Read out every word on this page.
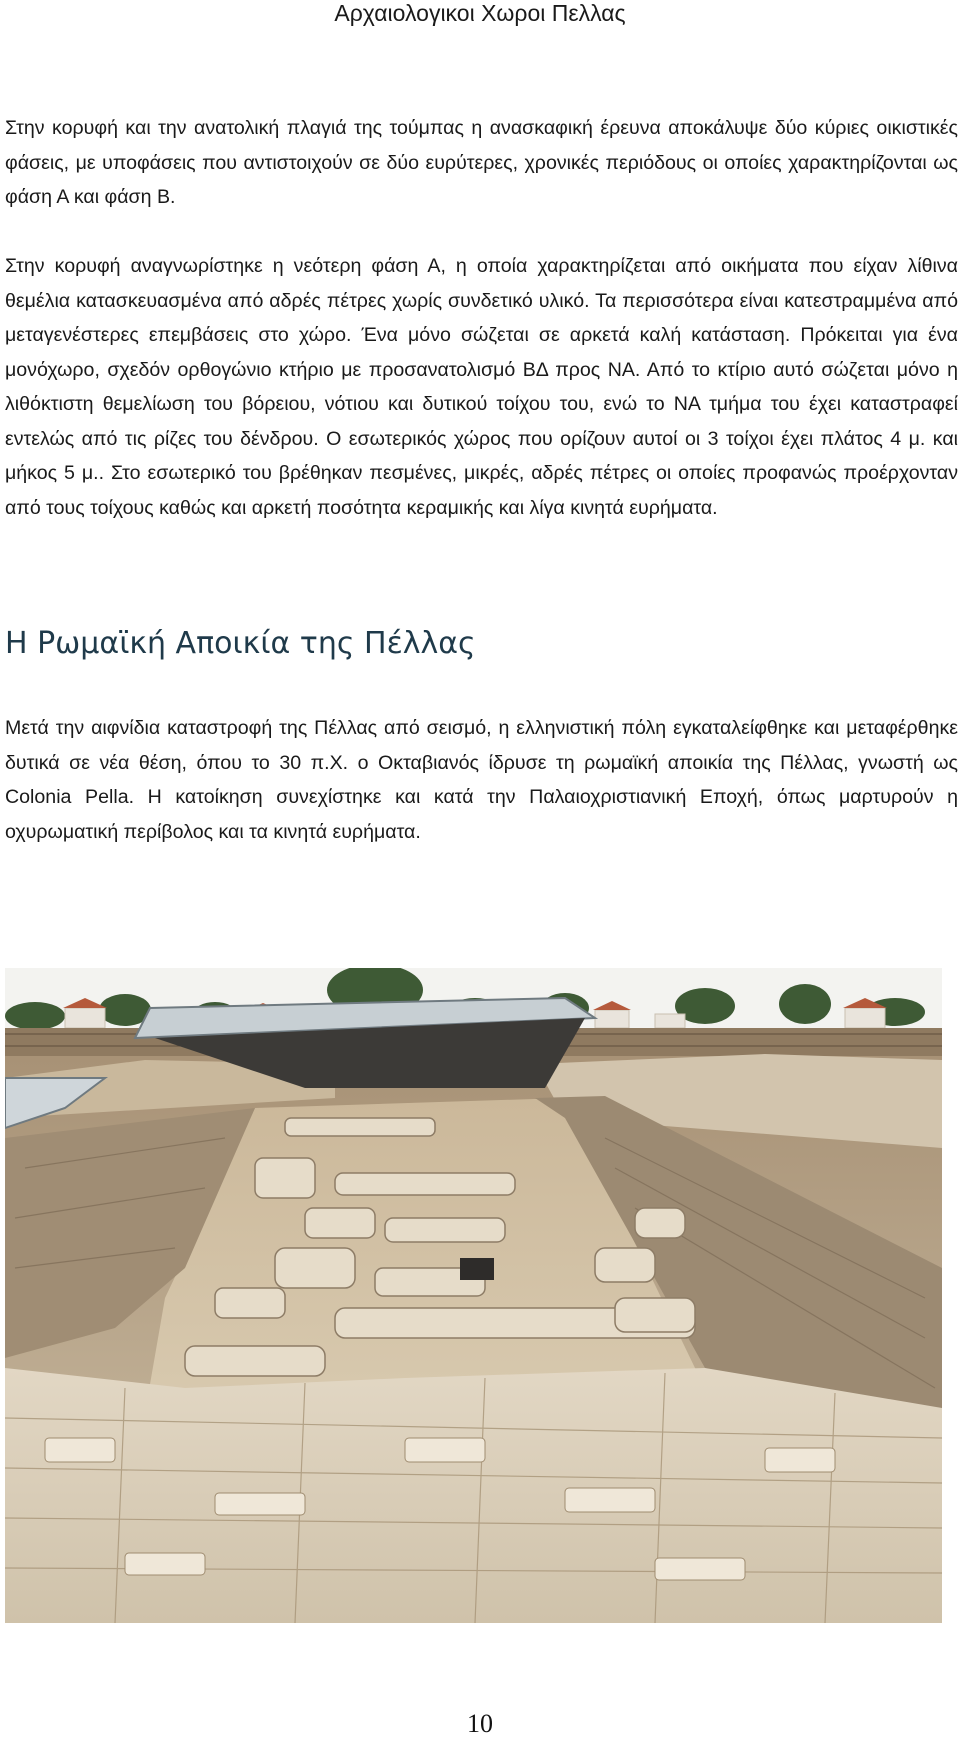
Αρχαιολογικοι Χωροι Πελλας

Στην κορυφή και την ανατολική πλαγιά της τούμπας η ανασκαφική έρευνα αποκάλυψε δύο κύριες οικιστικές φάσεις, με υποφάσεις που αντιστοιχούν σε δύο ευρύτερες, χρονικές περιόδους οι οποίες χαρακτηρίζονται ως φάση Α και φάση Β.

Στην κορυφή αναγνωρίστηκε η νεότερη φάση Α, η οποία χαρακτηρίζεται από οικήματα που είχαν λίθινα θεμέλια κατασκευασμένα από αδρές πέτρες χωρίς συνδετικό υλικό. Τα περισσότερα είναι κατεστραμμένα από μεταγενέστερες επεμβάσεις στο χώρο. Ένα μόνο σώζεται σε αρκετά καλή κατάσταση. Πρόκειται για ένα μονόχωρο, σχεδόν ορθογώνιο κτήριο με προσανατολισμό ΒΔ προς ΝΑ. Από το κτίριο αυτό σώζεται μόνο η λιθόκτιστη θεμελίωση του βόρειου, νότιου και δυτικού τοίχου του, ενώ το ΝΑ τμήμα του έχει καταστραφεί εντελώς από τις ρίζες του δένδρου. Ο εσωτερικός χώρος που ορίζουν αυτοί οι 3 τοίχοι έχει πλάτος 4 μ. και μήκος 5 μ.. Στο εσωτερικό του βρέθηκαν πεσμένες, μικρές, αδρές πέτρες οι οποίες προφανώς προέρχονταν από τους τοίχους καθώς και αρκετή ποσότητα κεραμικής και λίγα κινητά ευρήματα.

Η Ρωμαϊκή Αποικία της Πέλλας

Μετά την αιφνίδια καταστροφή της Πέλλας από σεισμό, η ελληνιστική πόλη εγκαταλείφθηκε και μεταφέρθηκε δυτικά σε νέα θέση, όπου το 30 π.Χ. ο Οκταβιανός ίδρυσε τη ρωμαϊκή αποικία της Πέλλας, γνωστή ως Colonia Pella. Η κατοίκηση συνεχίστηκε και κατά την Παλαιοχριστιανική Εποχή, όπως μαρτυρούν η οχυρωματική περίβολος και τα κινητά ευρήματα.

10
